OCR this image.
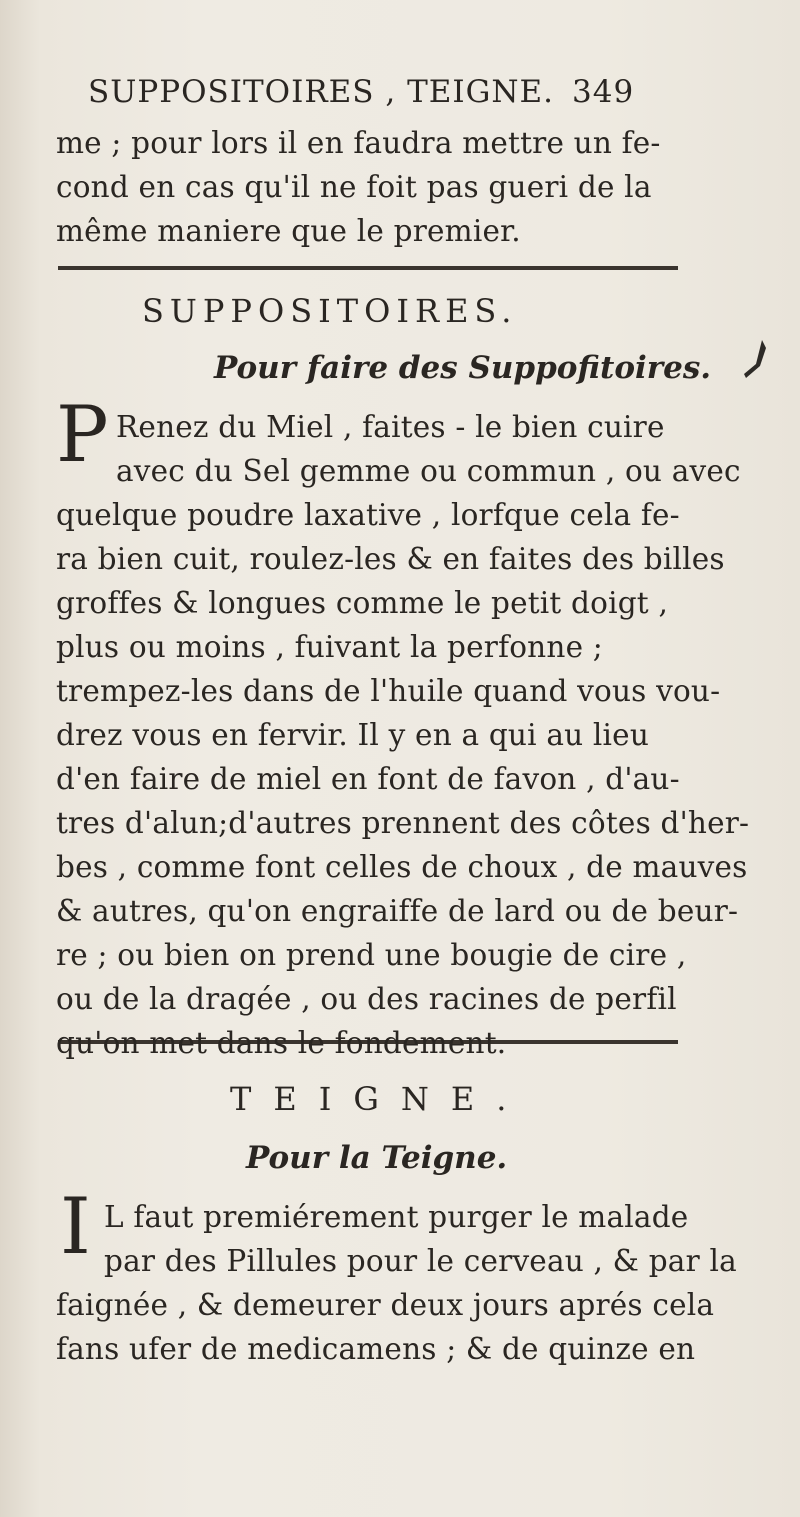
SUPPOSITOIRES , TEIGNE. 349
me ; pour lors il en faudra mettre un fe-
cond en cas qu'il ne foit pas gueri de la
même maniere que le premier.
SUPPOSITOIRES.
Pour faire des Suppofitoires.
P Renez du Miel , faites - le bien cuire
avec du Sel gemme ou commun , ou avec
quelque poudre laxative , lorfque cela fe-
ra bien cuit, roulez-les & en faites des billes
groffes & longues comme le petit doigt ,
plus ou moins , fuivant la perfonne ;
trempez-les dans de l'huile quand vous vou-
drez vous en fervir. Il y en a qui au lieu
d'en faire de miel en font de favon , d'au-
tres d'alun;d'autres prennent des côtes d'her-
bes , comme font celles de choux , de mauves
& autres, qu'on engraiffe de lard ou de beur-
re ; ou bien on prend une bougie de cire ,
ou de la dragée , ou des racines de perfil
TEIGNE.
Pour la Teigne.
I L faut premiérement purger le malade
par des Pillules pour le cerveau , & par la
faignée , & demeurer deux jours aprés cela
fans ufer de medicamens ; & de quinze en
qu'on met dans le fondement.
